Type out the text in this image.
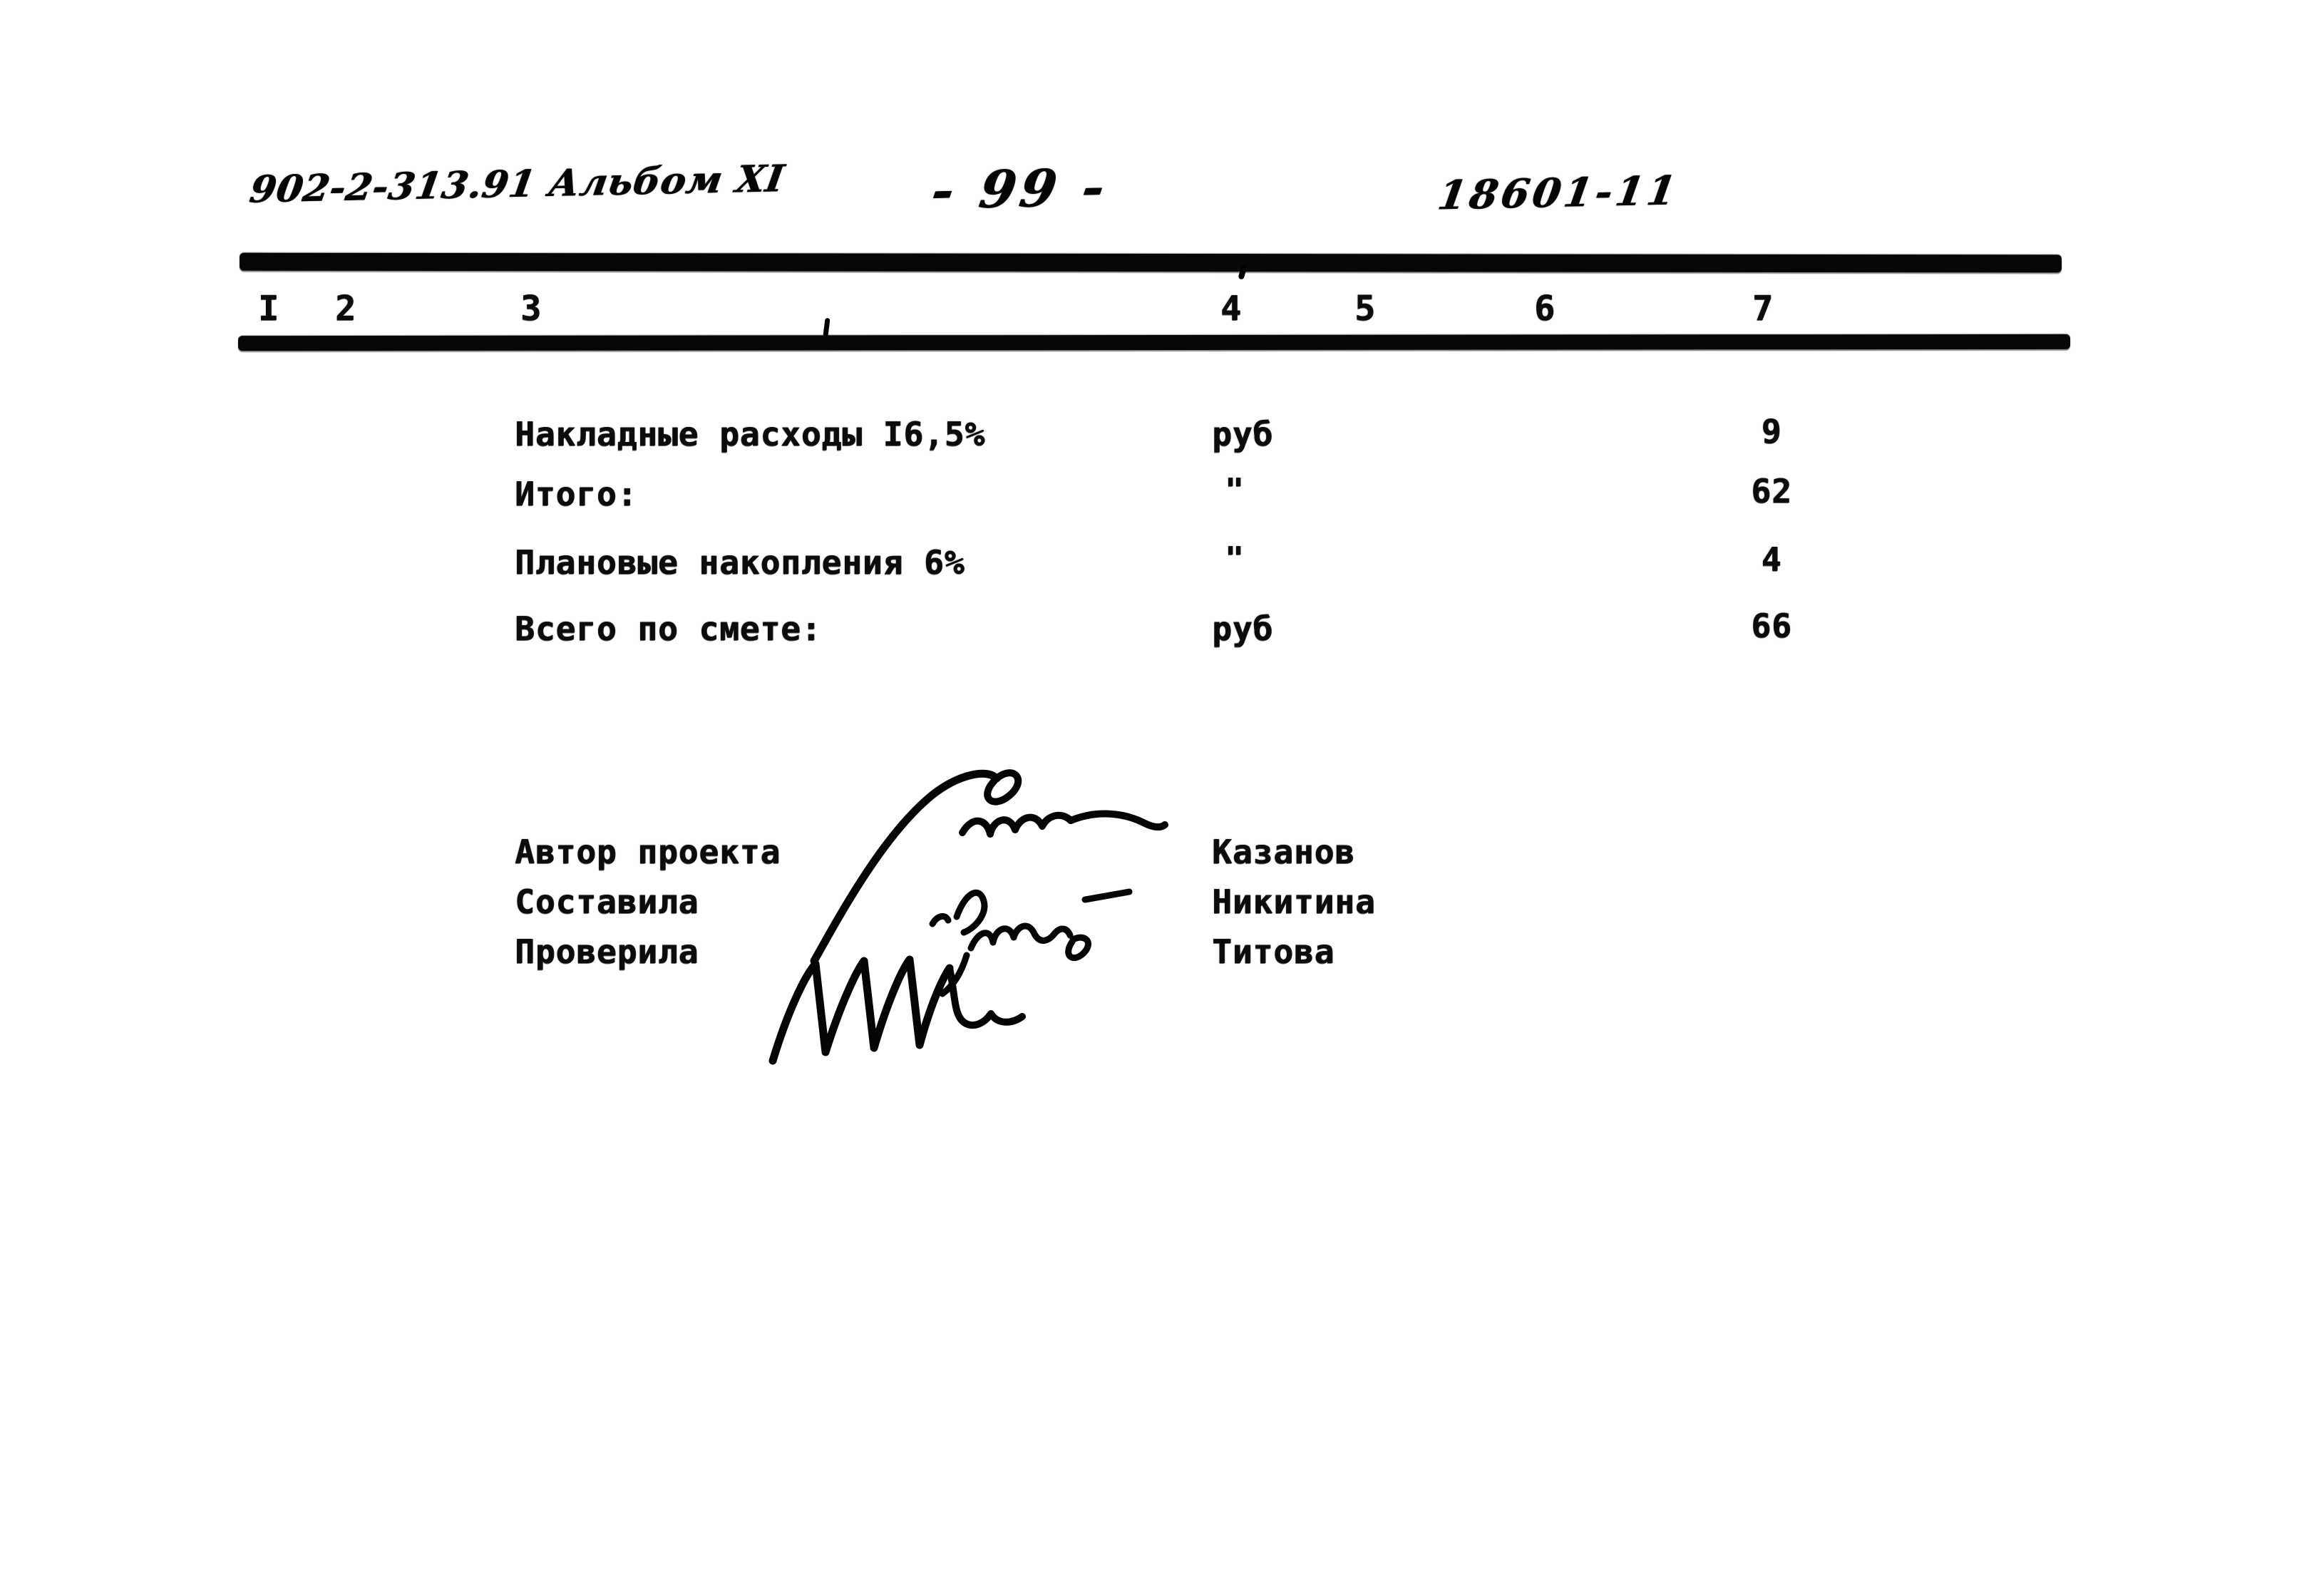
902-2-313.91 Альбом ХI	- 99 -	18601-11
I 2	3	4	5	6	7
Накладные расходы I6,5%	руб	9
Итого:	"	62
Плановые накопления 6%	"	4
Всего по смете:	руб	66
Автор проекта	Казанов
Составила	Никитина
Проверила	Титова
